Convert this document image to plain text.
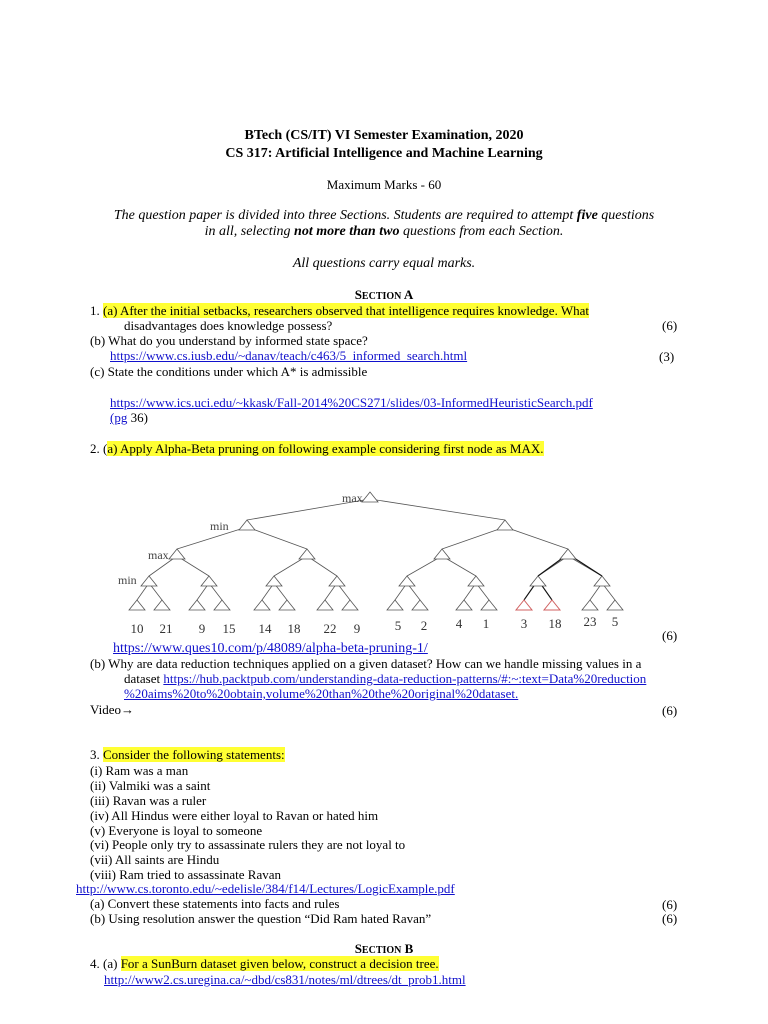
BTech (CS/IT) VI Semester Examination, 2020
CS 317: Artificial Intelligence and Machine Learning
Maximum Marks - 60
The question paper is divided into three Sections. Students are required to attempt five questions
in all, selecting not more than two questions from each Section.
All questions carry equal marks.
SECTION A
1. (a) After the initial setbacks, researchers observed that intelligence requires knowledge. What
disadvantages does knowledge possess?	(6)
(b) What do you understand by informed state space?
https://www.cs.iusb.edu/~danav/teach/c463/5_informed_search.html	(3)
(c) State the conditions under which A* is admissible
https://www.ics.uci.edu/~kkask/Fall-2014%20CS271/slides/03-InformedHeuristicSearch.pdf
(pg 36)
2. (a) Apply Alpha-Beta pruning on following example considering first node as MAX.
max
min
max
min
10 21 9 15 14 18 22 9	5 2 4 1 3 18 23 5
https://www.ques10.com/p/48089/alpha-beta-pruning-1/
(6)
(b) Why are data reduction techniques applied on a given dataset? How can we handle missing values in a
dataset https://hub.packtpub.com/understanding-data-reduction-patterns/#:~:text=Data%20reduction
%20aims%20to%20obtain,volume%20than%20the%20original%20dataset.
Video→	(6)
3. Consider the following statements:
(i) Ram was a man
(ii) Valmiki was a saint
(iii) Ravan was a ruler
(iv) All Hindus were either loyal to Ravan or hated him
(v) Everyone is loyal to someone
(vi) People only try to assassinate rulers they are not loyal to
(vii) All saints are Hindu
(viii) Ram tried to assassinate Ravan
http://www.cs.toronto.edu/~edelisle/384/f14/Lectures/LogicExample.pdf
(a) Convert these statements into facts and rules	(6)
(b) Using resolution answer the question “Did Ram hated Ravan”	(6)
SECTION B
4. (a) For a SunBurn dataset given below, construct a decision tree.
http://www2.cs.uregina.ca/~dbd/cs831/notes/ml/dtrees/dt_prob1.html
